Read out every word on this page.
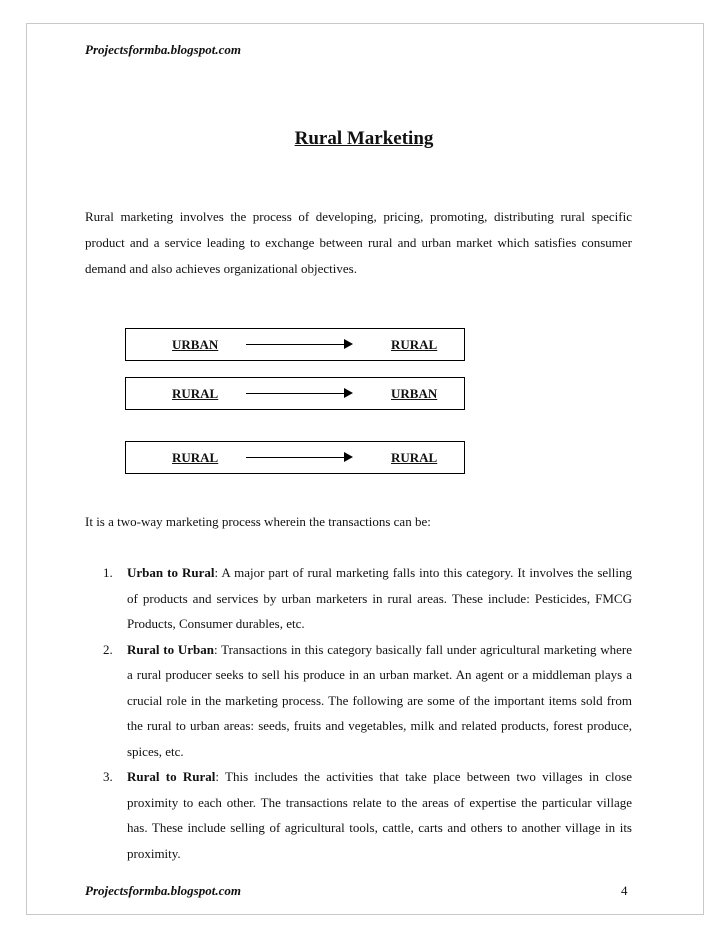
Projectsformba.blogspot.com
Rural Marketing

Rural marketing involves the process of developing, pricing, promoting, distributing rural specific product and a service leading to exchange between rural and urban market which satisfies consumer demand and also achieves organizational objectives.

URBAN	RURAL
RURAL	URBAN
RURAL	RURAL

It is a two-way marketing process wherein the transactions can be:

1. Urban to Rural: A major part of rural marketing falls into this category. It involves the selling of products and services by urban marketers in rural areas. These include: Pesticides, FMCG Products, Consumer durables, etc.
2. Rural to Urban: Transactions in this category basically fall under agricultural marketing where a rural producer seeks to sell his produce in an urban market. An agent or a middleman plays a crucial role in the marketing process. The following are some of the important items sold from the rural to urban areas: seeds, fruits and vegetables, milk and related products, forest produce, spices, etc.
3. Rural to Rural: This includes the activities that take place between two villages in close proximity to each other. The transactions relate to the areas of expertise the particular village has. These include selling of agricultural tools, cattle, carts and others to another village in its proximity.
Projectsformba.blogspot.com	4
